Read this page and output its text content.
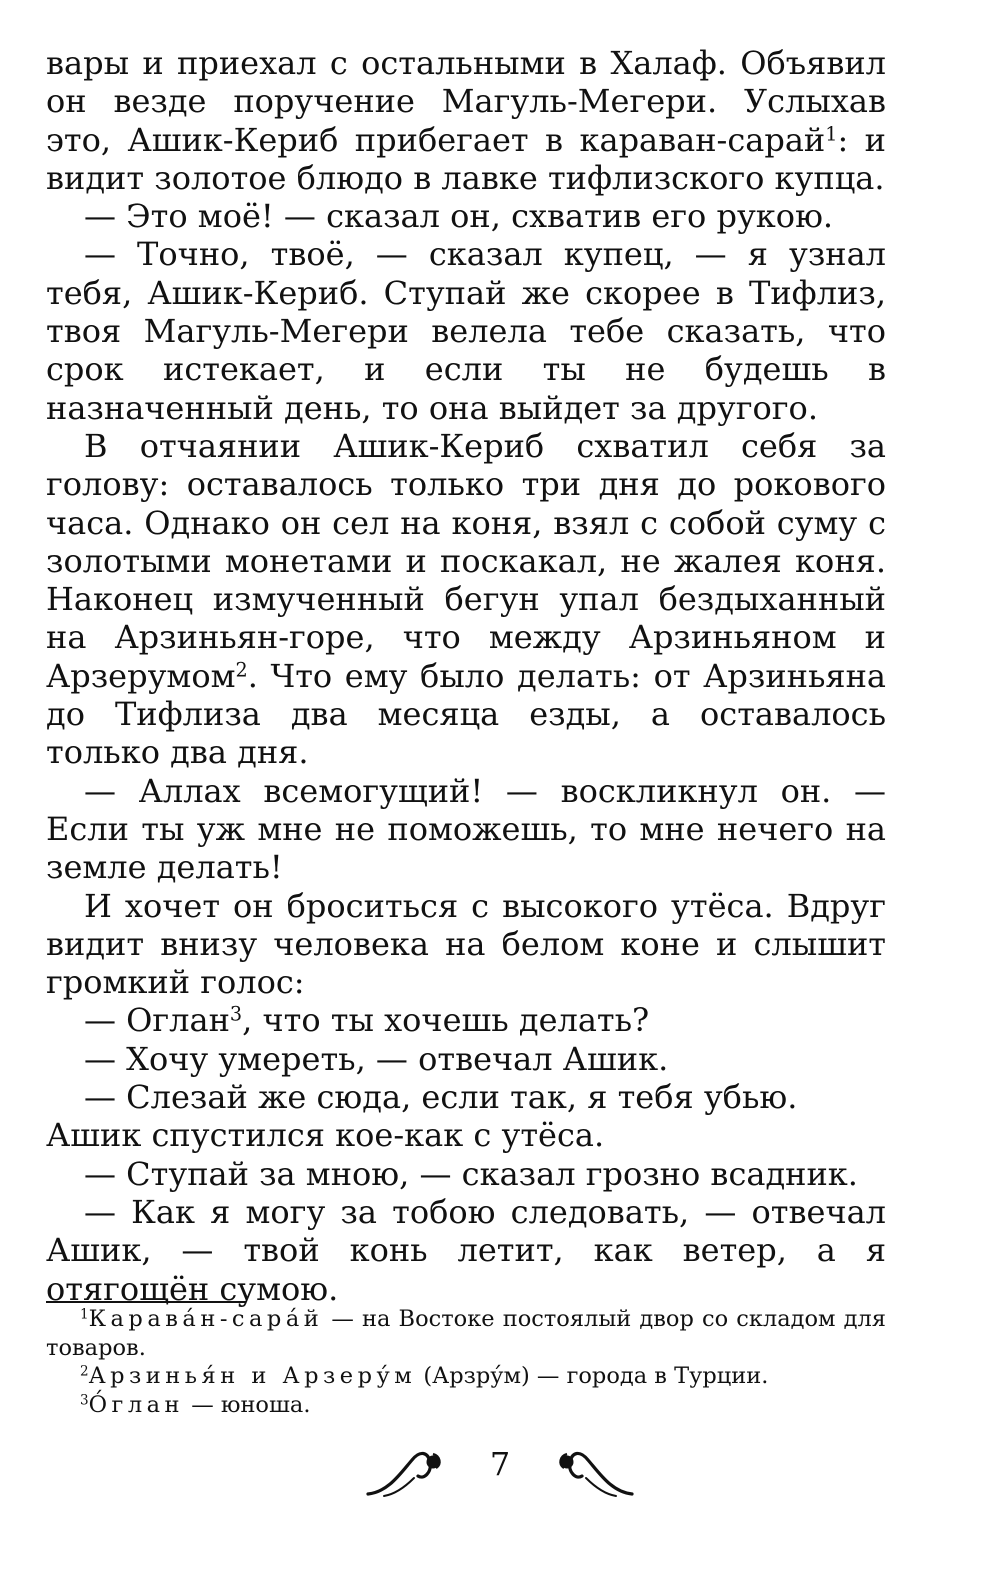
вары и приехал с остальными в Халаф. Объявил он везде поручение Магуль-Мегери. Услыхав это, Ашик-Кериб прибегает в караван-сарай$^1$: и видит золотое блюдо в лавке тифлизского купца.

— Это моё! — сказал он, схватив его рукою.

— Точно, твоё, — сказал купец, — я узнал тебя, Ашик-Кериб. Ступай же скорее в Тифлиз, твоя Магуль-Мегери велела тебе сказать, что срок истекает, и если ты не будешь в назначенный день, то она выйдет за другого.

В отчаянии Ашик-Кериб схватил себя за голову: оставалось только три дня до рокового часа. Однако он сел на коня, взял с собой суму с золотыми монетами и поскакал, не жалея коня. Наконец измученный бегун упал бездыханный на Арзиньян-горе, что между Арзиньяном и Арзерумом$^2$. Что ему было делать: от Арзиньяна до Тифлиза два месяца езды, а оставалось только два дня.

— Аллах всемогущий! — воскликнул он. — Если ты уж мне не поможешь, то мне нечего на земле делать!

И хочет он броситься с высокого утёса. Вдруг видит внизу человека на белом коне и слышит громкий голос:

— Оглан$^3$, что ты хочешь делать?

— Хочу умереть, — отвечал Ашик.

— Слезай же сюда, если так, я тебя убью.

Ашик спустился кое-как с утёса.

— Ступай за мною, — сказал грозно всадник.

— Как я могу за тобою следовать, — отвечал Ашик, — твой конь летит, как ветер, а я отягощён сумою.

$^1$Карава́н-сара́й — на Востоке постоялый двор со складом для товаров.

$^2$Арзинья́н и Арзеру́м (Арзру́м) — города в Турции.

$^3$О́глан — юноша.

7
